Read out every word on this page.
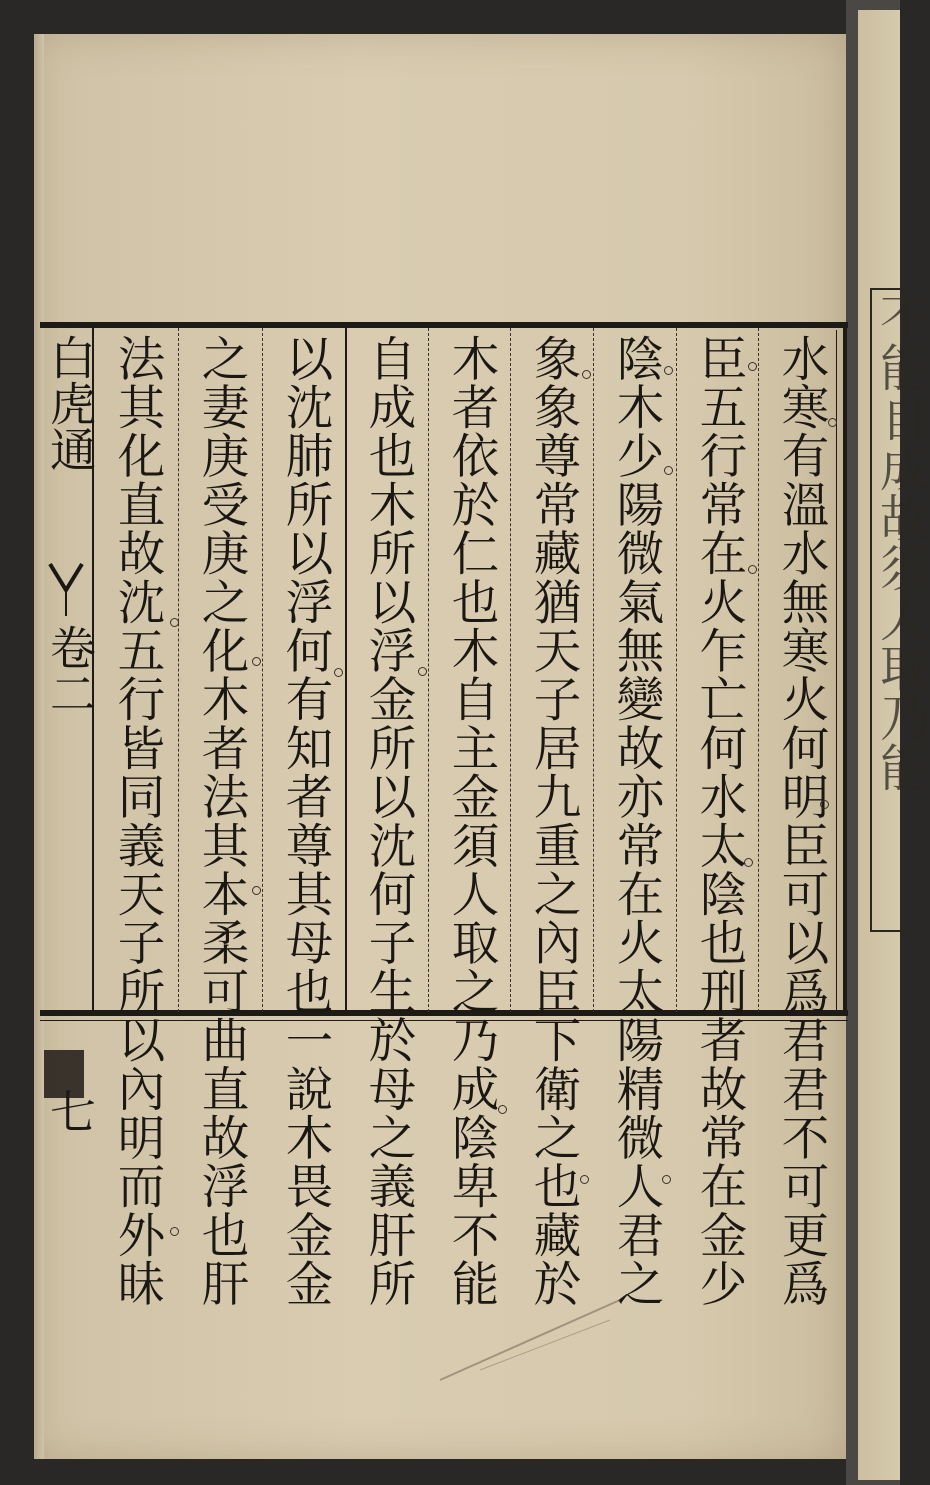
不能自成故須人取乃能
白虎通
卷二
七	水寒有溫水無寒火何明臣可以爲君君不可更爲
臣五行常在火乍亡何水太陰也刑者故常在金少
陰木少陽微氣無變故亦常在火太陽精微人君之
象象尊常藏猶天子居九重之內臣下衛之也藏於
木者依於仁也木自主金須人取之乃成陰卑不能
自成也木所以浮金所以沈何子生於母之義肝所
以沈肺所以浮何有知者尊其母也一說木畏金金
之妻庚受庚之化木者法其本柔可曲直故浮也肝
法其化直故沈五行皆同義天子所以內明而外昧
